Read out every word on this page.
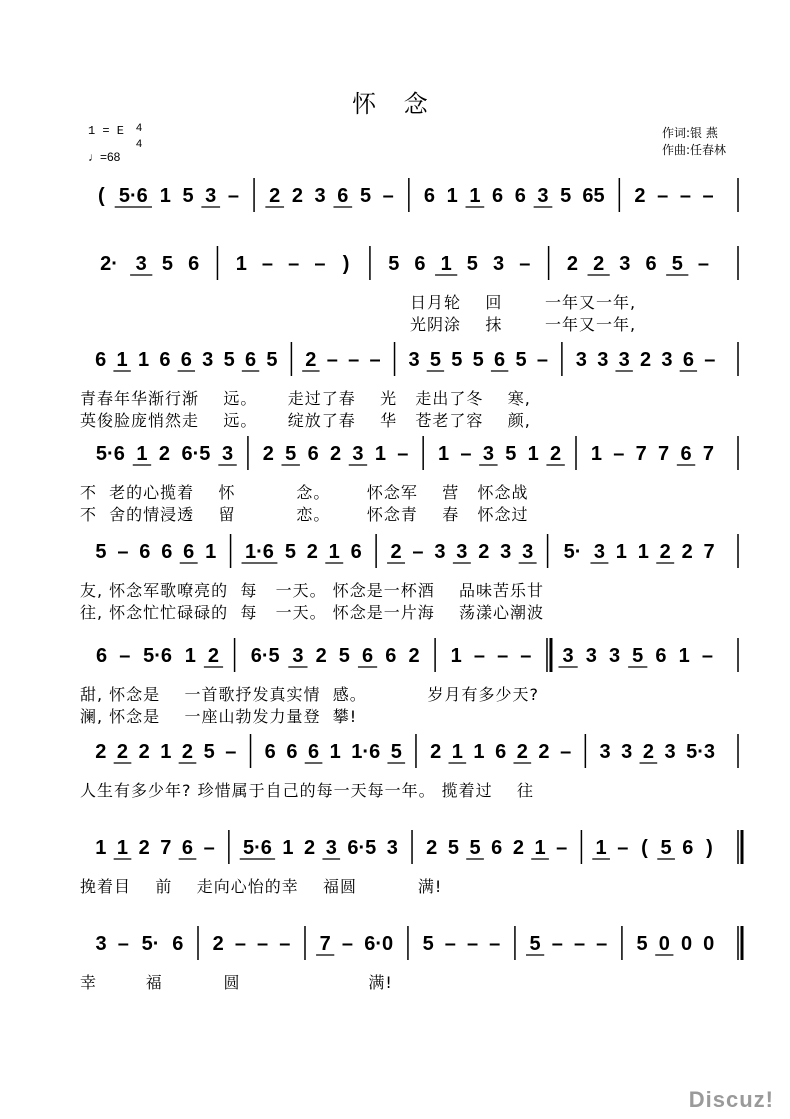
怀 念
1 = E 4
4
♩=68
作词:银 燕
作曲:任春林
( 5·6 1 5 3 – 2 2 3 6 5 – 6 1 1 6 6 3 5 65 2 – – –
2· 3 5 6 1 – – – ) 5 6 1 5 3 – 2 2 3 6 5 –
日月轮    回       一年又一年,
光阴涂    抹       一年又一年,
6 1 1 6 6 3 5 6 5 2 – – – 3 5 5 5 6 5 – 3 3 3 2 3 6 –
青春年华渐行渐    远。     走过了春    光   走出了冬    寒,
英俊脸庞悄然走    远。     绽放了春    华   苍老了容    颜,
5·6 1 2 6·5 3 2 5 6 2 3 1 – 1 – 3 5 1 2 1 – 7 7 6 7
不  老的心揽着    怀          念。      怀念军    营   怀念战
不  舍的情浸透    留          恋。      怀念青    春   怀念过
5 – 6 6 6 1 1·6 5 2 1 6 2 – 3 3 2 3 3 5· 3 1 1 2 2 7
友, 怀念军歌嘹亮的  每   一天。 怀念是一杯酒    品味苦乐甘
往, 怀念忙忙碌碌的  每   一天。 怀念是一片海    荡漾心潮波
6 – 5·6 1 2 6·5 3 2 5 6 6 2 1 – – – 3 3 3 5 6 1 –
甜, 怀念是    一首歌抒发真实情  感。          岁月有多少天?
澜, 怀念是    一座山勃发力量登  攀!
2 2 2 1 2 5 – 6 6 6 1 1·6 5 2 1 1 6 2 2 – 3 3 2 3 5·3
人生有多少年? 珍惜属于自己的每一天每一年。 揽着过    往
1 1 2 7 6 – 5·6 1 2 3 6·5 3 2 5 5 6 2 1 – 1 – ( 5 6 )
挽着目    前    走向心怡的幸    福圆          满!
3 – 5· 6 2 – – – 7 – 6·0 5 – – – 5 – – – 5 0 0 0
幸        福          圆                     满!
Discuz!
